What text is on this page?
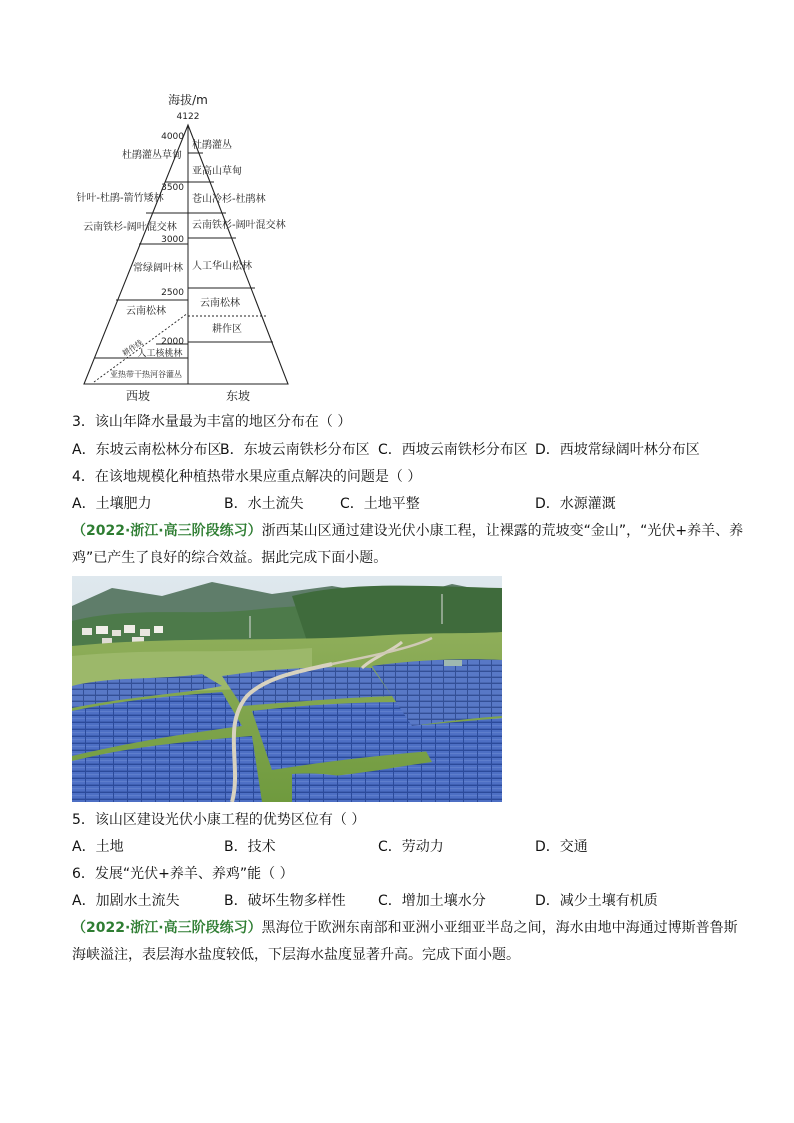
海拔/m
4122
4000
3500
3000
2500
2000
杜鹃灌丛草甸
针叶-杜鹃-箭竹矮林
云南铁杉-阔叶混交林
常绿阔叶林
云南松林
人工核桃林
亚热带干热河谷灌丛
耕作线
杜鹃灌丛
亚高山草甸
苍山冷杉-杜鹃林
云南铁杉-阔叶混交林
人工华山松林
云南松林
耕作区
西坡	东坡
3．该山年降水量最为丰富的地区分布在（ ）
A．东坡云南松林分布区
B．东坡云南铁杉分布区 C．西坡云南铁杉分布区 D．西坡常绿阔叶林分布区
4．在该地规模化种植热带水果应重点解决的问题是（ ）
A．土壤肥力	B．水土流失	C．土地平整	D．水源灌溉
（2022·浙江·高三阶段练习）浙西某山区通过建设光伏小康工程，让裸露的荒坡变“金山”，“光伏+养羊、养
鸡”已产生了良好的综合效益。据此完成下面小题。
5．该山区建设光伏小康工程的优势区位有（ ）
A．土地	B．技术	C．劳动力	D．交通
6．发展“光伏+养羊、养鸡”能（ ）
A．加剧水土流失	B．破坏生物多样性 C．增加土壤水分	D．减少土壤有机质
（2022·浙江·高三阶段练习）黑海位于欧洲东南部和亚洲小亚细亚半岛之间，海水由地中海通过博斯普鲁斯
海峡溢注，表层海水盐度较低，下层海水盐度显著升高。完成下面小题。
